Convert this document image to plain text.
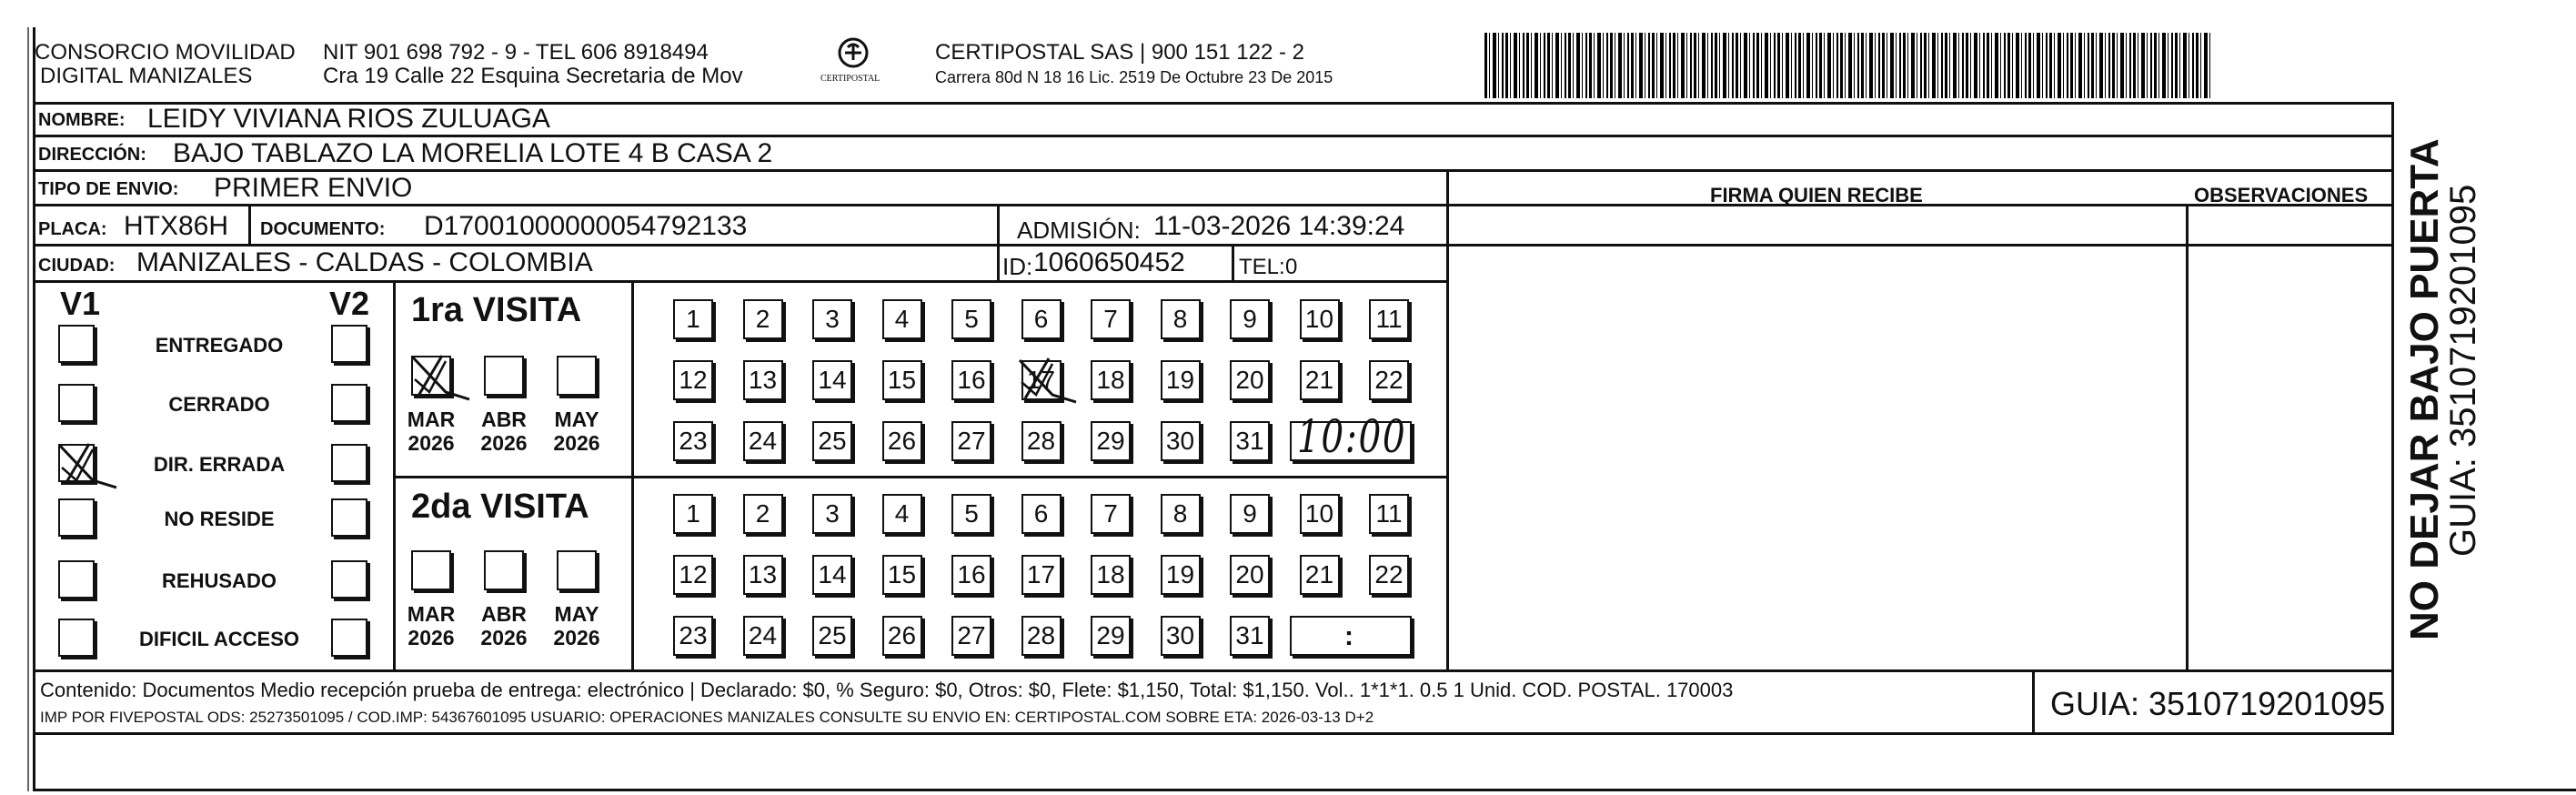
CONSORCIO MOVILIDAD
DIGITAL MANIZALES
NIT 901 698 792 - 9 - TEL 606 8918494
Cra 19 Calle 22 Esquina Secretaria de Mov	CERTIPOSTAL
CERTIPOSTAL SAS | 900 151 122 - 2
Carrera 80d N 18 16 Lic. 2519 De Octubre 23 De 2015
NOMBRE: LEIDY VIVIANA RIOS ZULUAGA
DIRECCIÓN: BAJO TABLAZO LA MORELIA LOTE 4 B CASA 2
TIPO DE ENVIO: PRIMER ENVIO	FIRMA QUIEN RECIBE	OBSERVACIONES
PLACA: HTX86H DOCUMENTO: D17001000000054792133	ADMISIÓN: 11-03-2026 14:39:24
CIUDAD: MANIZALES - CALDAS - COLOMBIA	ID: 1060650452 TEL: 0
V1	V2
ENTREGADO
CERRADO
DIR. ERRADA
NO RESIDE
REHUSADO
DIFICIL ACCESO
1ra VISITA
2da VISITA
MAR
2026
ABR
2026
MAY
2026
MAR
2026
ABR
2026
MAY
2026
1	2	3	4	5	6	7	8	9	10 11
12 13 14 15 16 17 18 19 20 21 22
23 24 25 26 27 28 29 30 31
1	2	3	4	5	6	7	8	9	10 11
12 13 14 15 16 17 18 19 20 21 22
23 24 25 26 27 28 29 30 31
10:00
:
Contenido: Documentos Medio recepción prueba de entrega: electrónico | Declarado: $0, % Seguro: $0, Otros: $0, Flete: $1,150, Total: $1,150. Vol.. 1*1*1. 0.5 1 Unid. COD. POSTAL. 170003
IMP POR FIVEPOSTAL ODS: 25273501095 / COD.IMP: 54367601095 USUARIO: OPERACIONES MANIZALES CONSULTE SU ENVIO EN: CERTIPOSTAL.COM SOBRE ETA: 2026-03-13 D+2	GUIA: 3510719201095
NO DEJAR BAJO PUERTA
GUIA: 3510719201095
